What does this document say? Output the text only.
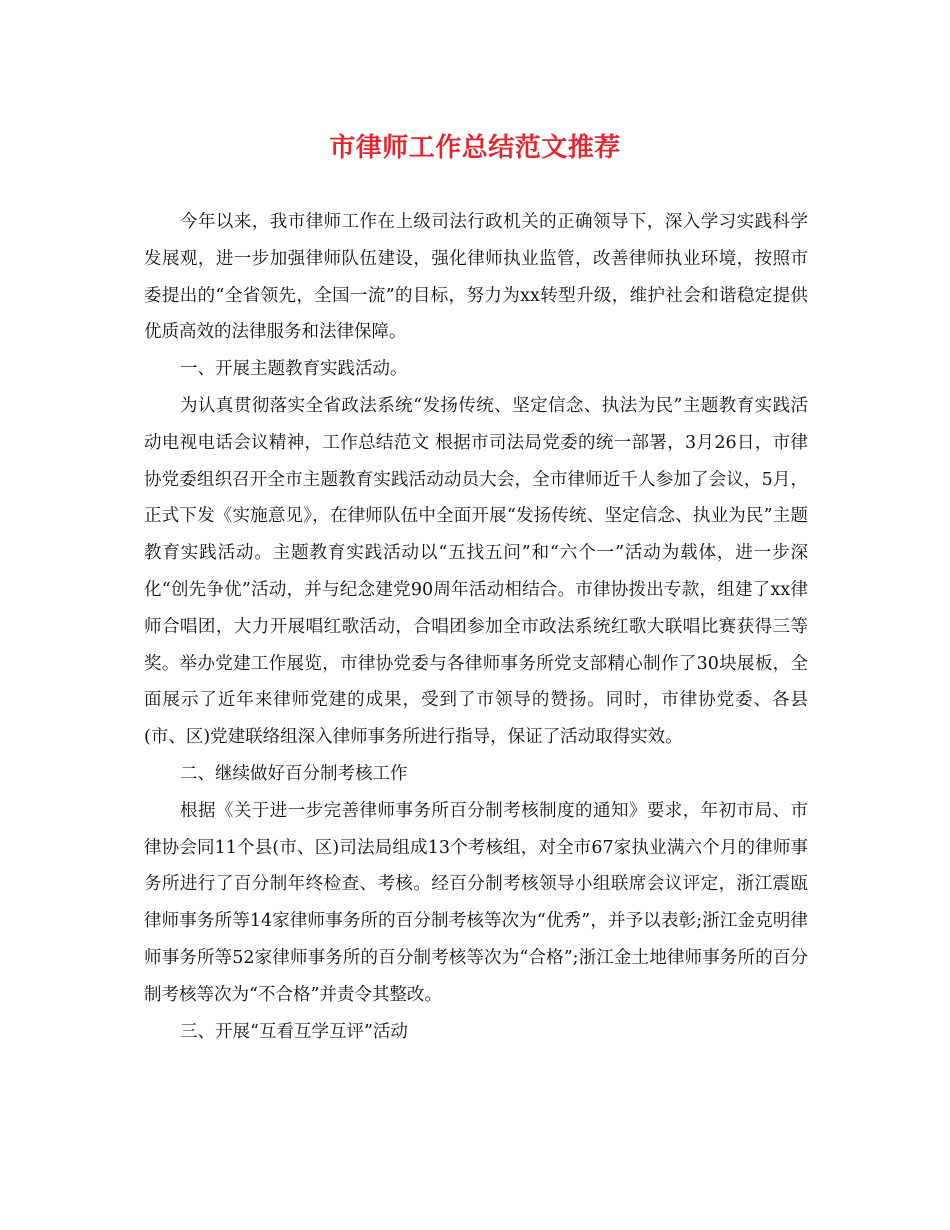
市律师工作总结范文推荐

今年以来，我市律师工作在上级司法行政机关的正确领导下，深入学习实践科学发展观，进一步加强律师队伍建设，强化律师执业监管，改善律师执业环境，按照市委提出的“全省领先，全国一流”的目标，努力为xx转型升级，维护社会和谐稳定提供优质高效的法律服务和法律保障。

一、开展主题教育实践活动。

为认真贯彻落实全省政法系统“发扬传统、坚定信念、执法为民”主题教育实践活动电视电话会议精神，工作总结范文 根据市司法局党委的统一部署，3月26日，市律协党委组织召开全市主题教育实践活动动员大会，全市律师近千人参加了会议，5月，正式下发《实施意见》，在律师队伍中全面开展“发扬传统、坚定信念、执业为民”主题教育实践活动。主题教育实践活动以“五找五问”和“六个一”活动为载体，进一步深化“创先争优”活动，并与纪念建党90周年活动相结合。市律协拨出专款，组建了xx律师合唱团，大力开展唱红歌活动，合唱团参加全市政法系统红歌大联唱比赛获得三等奖。举办党建工作展览，市律协党委与各律师事务所党支部精心制作了30块展板，全面展示了近年来律师党建的成果，受到了市领导的赞扬。同时，市律协党委、各县(市、区)党建联络组深入律师事务所进行指导，保证了活动取得实效。

二、继续做好百分制考核工作

根据《关于进一步完善律师事务所百分制考核制度的通知》要求，年初市局、市律协会同11个县(市、区)司法局组成13个考核组，对全市67家执业满六个月的律师事务所进行了百分制年终检查、考核。经百分制考核领导小组联席会议评定，浙江震瓯律师事务所等14家律师事务所的百分制考核等次为“优秀”，并予以表彰;浙江金克明律师事务所等52家律师事务所的百分制考核等次为“合格”;浙江金土地律师事务所的百分制考核等次为“不合格”并责令其整改。

三、开展“互看互学互评”活动
